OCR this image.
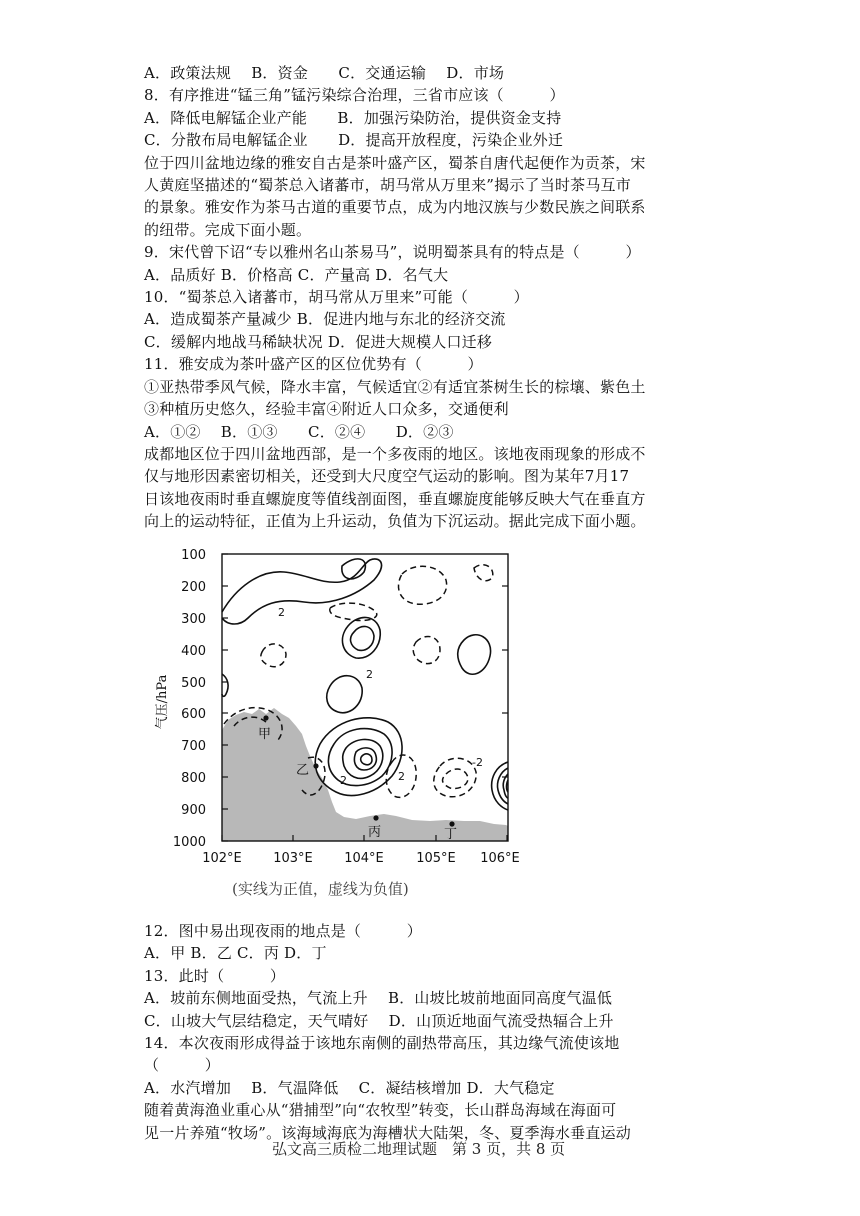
A．政策法规　 B．资金　　C．交通运输　 D．市场
8．有序推进“锰三角”锰污染综合治理，三省市应该（　　　）
A．降低电解锰企业产能　　B．加强污染防治，提供资金支持
C．分散布局电解锰企业　　D．提高开放程度，污染企业外迁
位于四川盆地边缘的雅安自古是茶叶盛产区，蜀茶自唐代起便作为贡茶，宋
人黄庭坚描述的“蜀茶总入诸蕃市，胡马常从万里来”揭示了当时茶马互市
的景象。雅安作为茶马古道的重要节点，成为内地汉族与少数民族之间联系
的纽带。完成下面小题。
9．宋代曾下诏“专以雅州名山茶易马”，说明蜀茶具有的特点是（　　　）
A．品质好 B．价格高 C．产量高 D．名气大
10．“蜀茶总入诸蕃市，胡马常从万里来”可能（　　　）
A．造成蜀茶产量减少 B．促进内地与东北的经济交流
C．缓解内地战马稀缺状况 D．促进大规模人口迁移
11．雅安成为茶叶盛产区的区位优势有（　　　）
①亚热带季风气候，降水丰富，气候适宜②有适宜茶树生长的棕壤、紫色土
③种植历史悠久，经验丰富④附近人口众多，交通便利
A．①②　 B．①③　　C．②④　　D．②③
成都地区位于四川盆地西部，是一个多夜雨的地区。该地夜雨现象的形成不
仅与地形因素密切相关，还受到大尺度空气运动的影响。图为某年7月17
日该地夜雨时垂直螺旋度等值线剖面图，垂直螺旋度能够反映大气在垂直方
向上的运动特征，正值为上升运动，负值为下沉运动。据此完成下面小题。
2
2
2
2
-2
100
200
300
400
500
600
700
800
900
1000
102°E 103°E 104°E 105°E 106°E
气压/hPa
甲
乙
丙	丁
(实线为正值，虚线为负值)
12．图中易出现夜雨的地点是（　　　）
A．甲 B．乙 C．丙 D．丁
13．此时（　　　）
A．坡前东侧地面受热，气流上升　 B．山坡比坡前地面同高度气温低
C．山坡大气层结稳定，天气晴好　 D．山顶近地面气流受热辐合上升
14．本次夜雨形成得益于该地东南侧的副热带高压，其边缘气流使该地
（　　　）
A．水汽增加　 B．气温降低　 C．凝结核增加 D．大气稳定
随着黄海渔业重心从“猎捕型”向“农牧型”转变，长山群岛海域在海面可
见一片养殖“牧场”。该海域海底为海槽状大陆架，冬、夏季海水垂直运动
弘文高三质检二地理试题　第 3 页，共 8 页
